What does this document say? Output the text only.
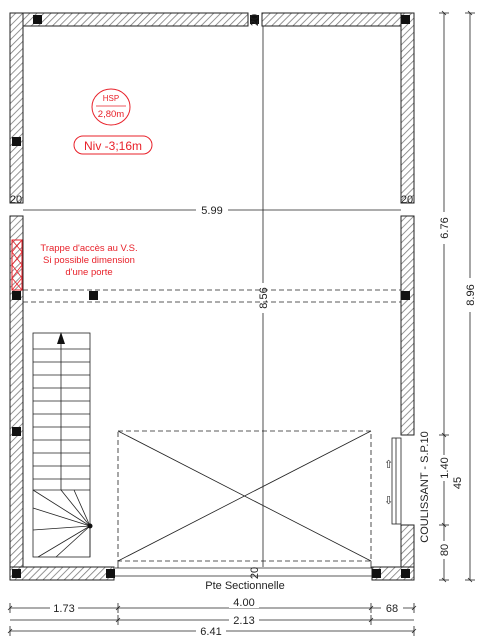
5.99
8.56
20
20	20
20
HSP
2,80m
Niv -3;16m
Trappe d'accès au V.S.
Si possible dimension
d'une porte
Pte Sectionnelle
⇧
⇩ COULISSANT - S.P.10
6.76
8.96
1.40
45
80
1.73	4.00	68
2.13
6.41
